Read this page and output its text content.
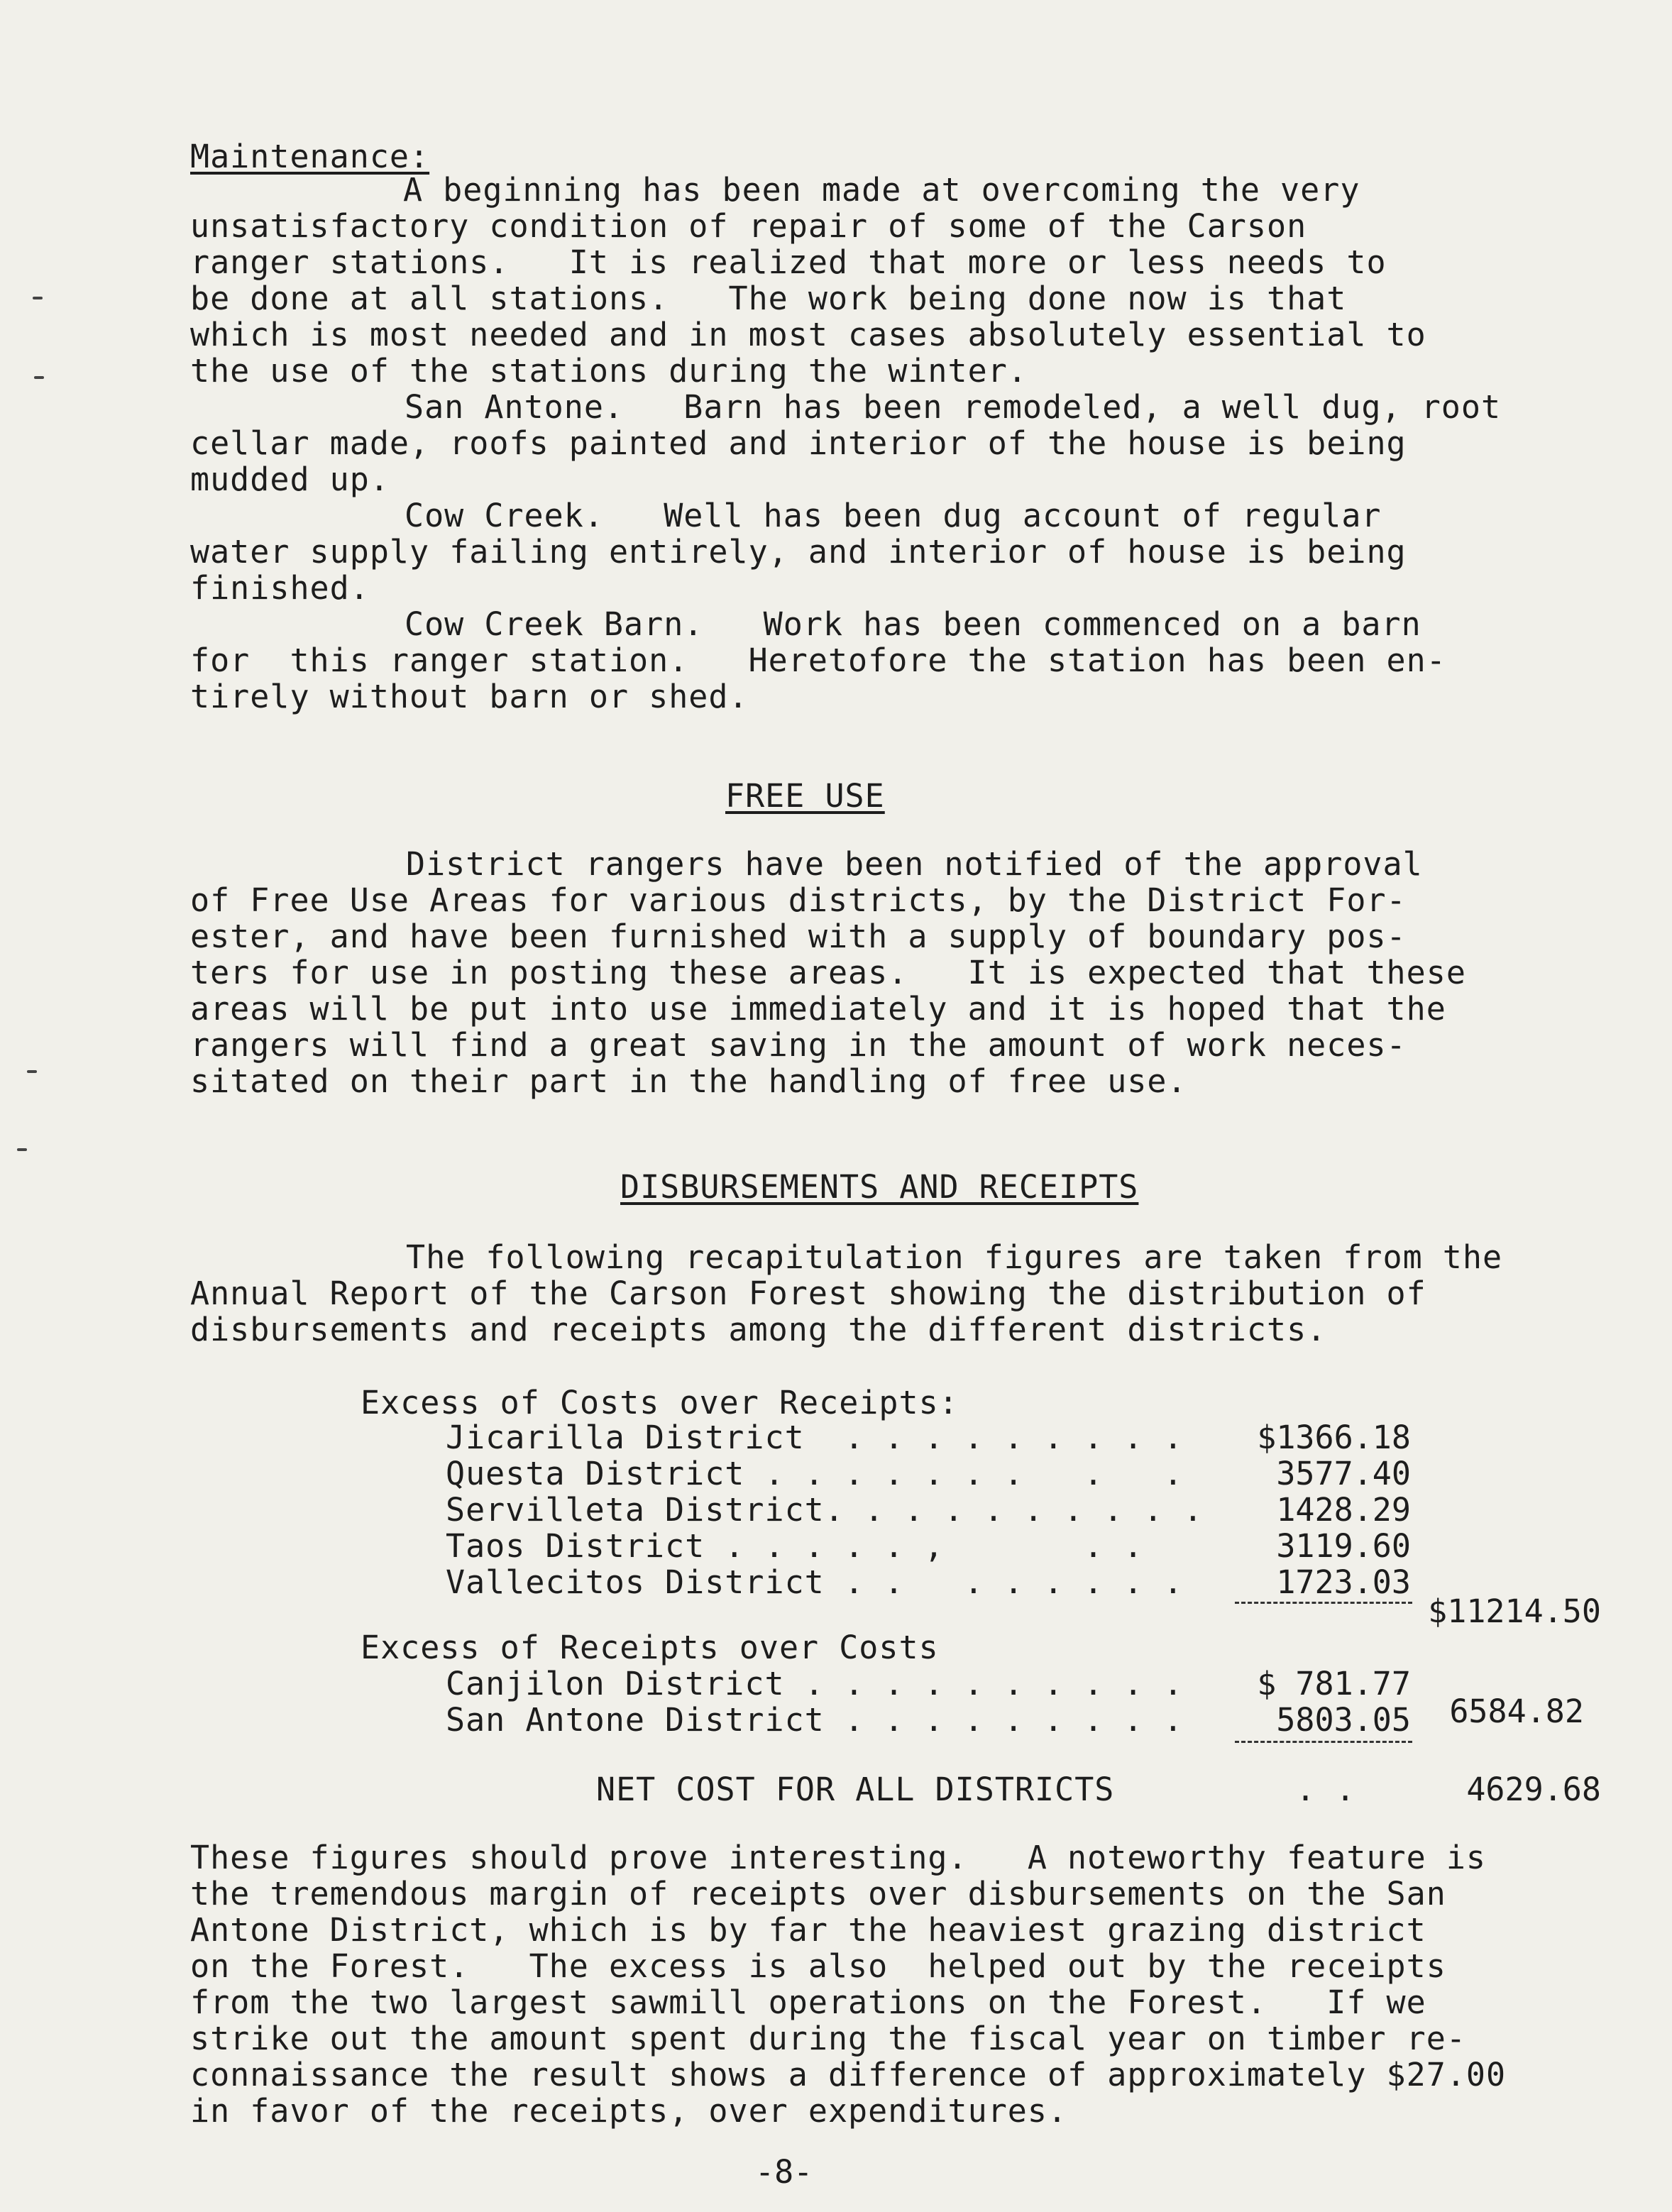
Maintenance:
A beginning has been made at overcoming the very
unsatisfactory condition of repair of some of the Carson
ranger stations.   It is realized that more or less needs to
be done at all stations.   The work being done now is that
which is most needed and in most cases absolutely essential to
the use of the stations during the winter.
San Antone.   Barn has been remodeled, a well dug, root
cellar made, roofs painted and interior of the house is being
mudded up.
Cow Creek.   Well has been dug account of regular
water supply failing entirely, and interior of house is being
finished.
Cow Creek Barn.   Work has been commenced on a barn
for  this ranger station.   Heretofore the station has been en-
tirely without barn or shed.
FREE USE
District rangers have been notified of the approval
of Free Use Areas for various districts, by the District For-
ester, and have been furnished with a supply of boundary pos-
ters for use in posting these areas.   It is expected that these
areas will be put into use immediately and it is hoped that the
rangers will find a great saving in the amount of work neces-
sitated on their part in the handling of free use.
DISBURSEMENTS AND RECEIPTS
The following recapitulation figures are taken from the
Annual Report of the Carson Forest showing the distribution of
disbursements and receipts among the different districts.
Excess of Costs over Receipts:
Jicarilla District  . . . . . . . . . $1366.18
Questa District . . . . . . .   .   .	3577.40
Servilleta District. . . . . . . . . . 1428.29
Taos District . . . . . ,       . .	3119.60
Vallecitos District . .   . . . . . .	1723.03
$11214.50
Excess of Receipts over Costs
Canjilon District . . . . . . . . . . $ 781.77
San Antone District . . . . . . . . .	5803.05 6584.82
NET COST FOR ALL DISTRICTS	. .	4629.68
These figures should prove interesting.   A noteworthy feature is
the tremendous margin of receipts over disbursements on the San
Antone District, which is by far the heaviest grazing district
on the Forest.   The excess is also  helped out by the receipts
from the two largest sawmill operations on the Forest.   If we
strike out the amount spent during the fiscal year on timber re-
connaissance the result shows a difference of approximately $27.00
in favor of the receipts, over expenditures.
-8-
